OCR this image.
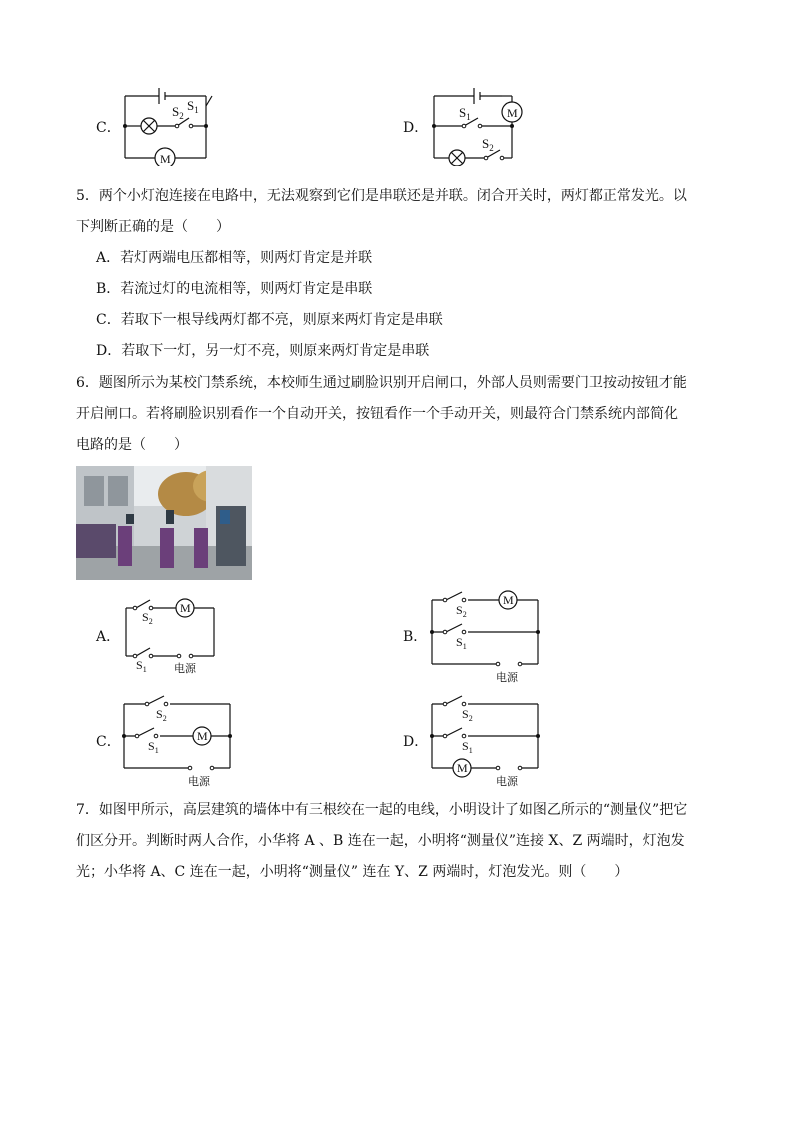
C．
$S_2$
$S_1$
M
D．
M
$S_1$
$S_2$
5．两个小灯泡连接在电路中，无法观察到它们是串联还是并联。闭合开关时，两灯都正常发光。以
下判断正确的是（　　）
A．若灯两端电压都相等，则两灯肯定是并联
B．若流过灯的电流相等，则两灯肯定是串联
C．若取下一根导线两灯都不亮，则原来两灯肯定是串联
D．若取下一灯，另一灯不亮，则原来两灯肯定是串联
6．题图所示为某校门禁系统，本校师生通过刷脸识别开启闸口，外部人员则需要门卫按动按钮才能
开启闸口。若将刷脸识别看作一个自动开关，按钮看作一个手动开关，则最符合门禁系统内部简化
电路的是（　　）
A．
M
$S_2$
$S_1$ 电源
B．
M
$S_2$
$S_1$
电源
C．	M
$S_2$
$S_1$
电源
D．
M
$S_2$
$S_1$
电源
7．如图甲所示，高层建筑的墙体中有三根绞在一起的电线，小明设计了如图乙所示的“测量仪”把它
们区分开。判断时两人合作，小华将 A 、B 连在一起，小明将“测量仪”连接 X、Z 两端时，灯泡发
光；小华将 A、C 连在一起，小明将“测量仪” 连在 Y、Z 两端时，灯泡发光。则（　　）
